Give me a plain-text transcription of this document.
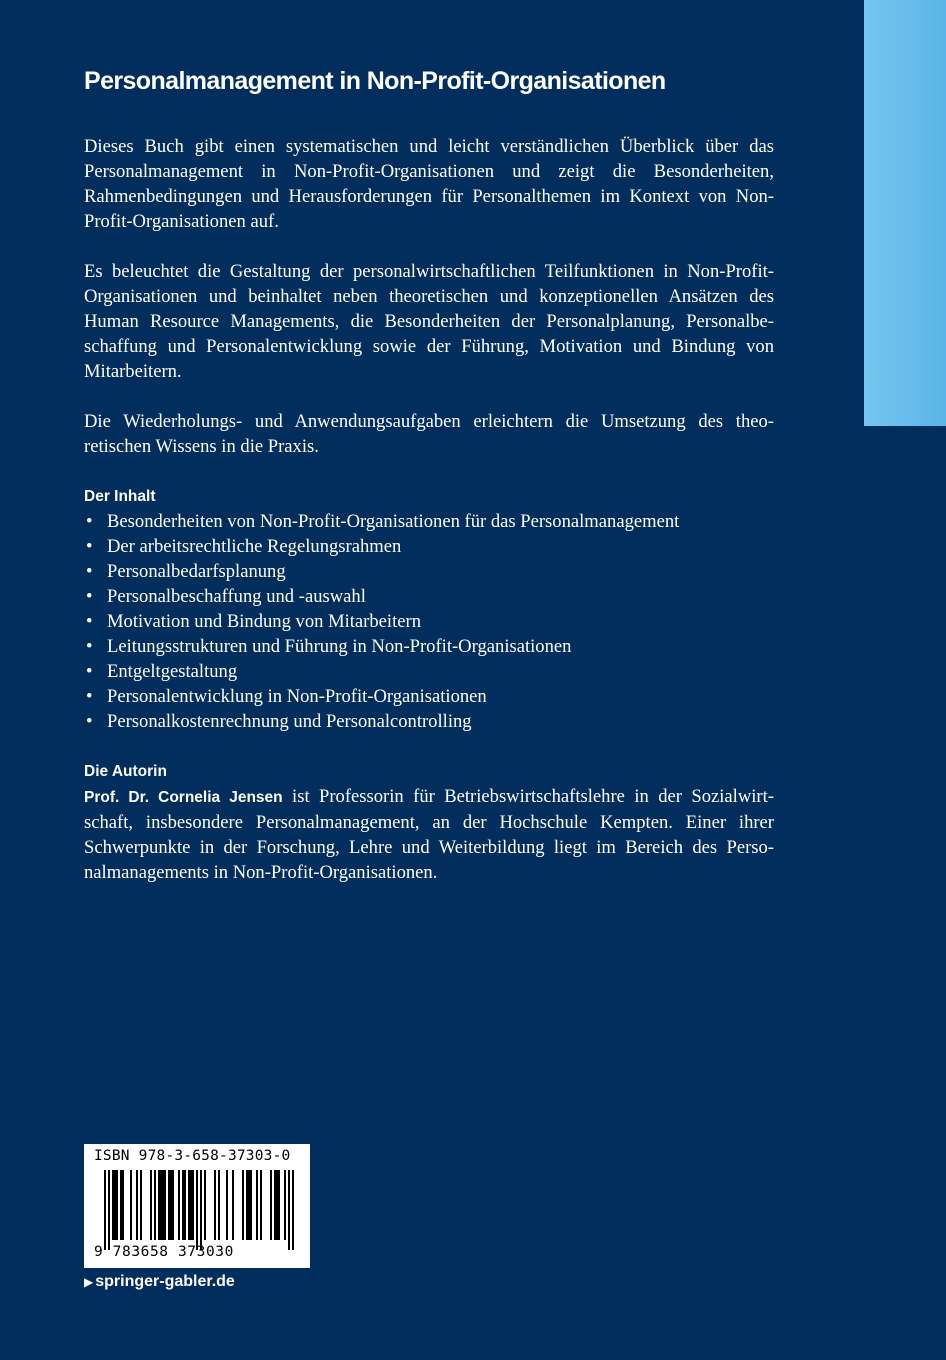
Personalmanagement in Non-Profit-Organisationen

Dieses Buch gibt einen systematischen und leicht verständlichen Überblick über das Personalmanagement in Non-Profit-Organisationen und zeigt die Besonderheiten, Rahmenbedingungen und Herausforderungen für Personalthemen im Kontext von Non-Profit-Organisationen auf.

Es beleuchtet die Gestaltung der personalwirtschaftlichen Teilfunktionen in Non-Profit-Organisationen und beinhaltet neben theoretischen und konzeptionellen Ansätzen des Human Resource Managements, die Besonderheiten der Personalplanung, Personalbe-schaffung und Personalentwicklung sowie der Führung, Motivation und Bindung von Mitarbeitern.

Die Wiederholungs- und Anwendungsaufgaben erleichtern die Umsetzung des theo-retischen Wissens in die Praxis.

Der Inhalt
• Besonderheiten von Non-Profit-Organisationen für das Personalmanagement
• Der arbeitsrechtliche Regelungsrahmen
• Personalbedarfsplanung
• Personalbeschaffung und -auswahl
• Motivation und Bindung von Mitarbeitern
• Leitungsstrukturen und Führung in Non-Profit-Organisationen
• Entgeltgestaltung
• Personalentwicklung in Non-Profit-Organisationen
• Personalkostenrechnung und Personalcontrolling
Die Autorin

Prof. Dr. Cornelia Jensen ist Professorin für Betriebswirtschaftslehre in der Sozialwirt-schaft, insbesondere Personalmanagement, an der Hochschule Kempten. Einer ihrer Schwerpunkte in der Forschung, Lehre und Weiterbildung liegt im Bereich des Perso-nalmanagements in Non-Profit-Organisationen.

ISBN 978-3-658-37303-0
9 783658 373030
▶ springer-gabler.de
